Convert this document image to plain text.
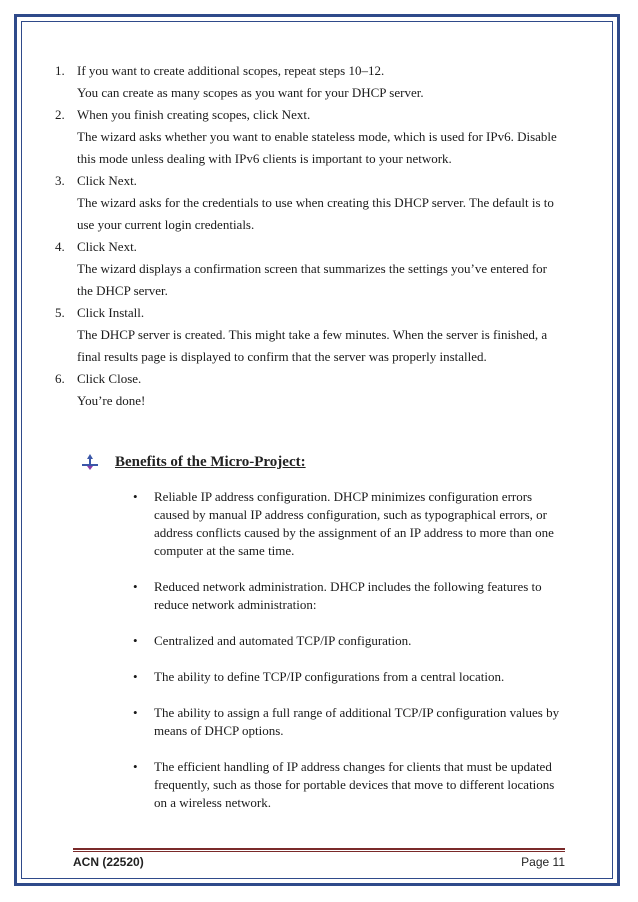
1. If you want to create additional scopes, repeat steps 10–12.
You can create as many scopes as you want for your DHCP server.
2. When you finish creating scopes, click Next.
The wizard asks whether you want to enable stateless mode, which is used for IPv6. Disable this mode unless dealing with IPv6 clients is important to your network.
3. Click Next.
The wizard asks for the credentials to use when creating this DHCP server. The default is to use your current login credentials.
4. Click Next.
The wizard displays a confirmation screen that summarizes the settings you’ve entered for the DHCP server.
5. Click Install.
The DHCP server is created. This might take a few minutes. When the server is finished, a final results page is displayed to confirm that the server was properly installed.
6. Click Close.
You’re done!
Benefits of the Micro-Project:
•
Reliable IP address configuration. DHCP minimizes configuration errors caused by manual IP address configuration, such as typographical errors, or address conflicts caused by the assignment of an IP address to more than one computer at the same time.
•
Reduced network administration. DHCP includes the following features to reduce network administration:
•
Centralized and automated TCP/IP configuration.
•
The ability to define TCP/IP configurations from a central location.
•
The ability to assign a full range of additional TCP/IP configuration values by means of DHCP options.
•
The efficient handling of IP address changes for clients that must be updated frequently, such as those for portable devices that move to different locations on a wireless network.
ACN (22520)	Page 11
